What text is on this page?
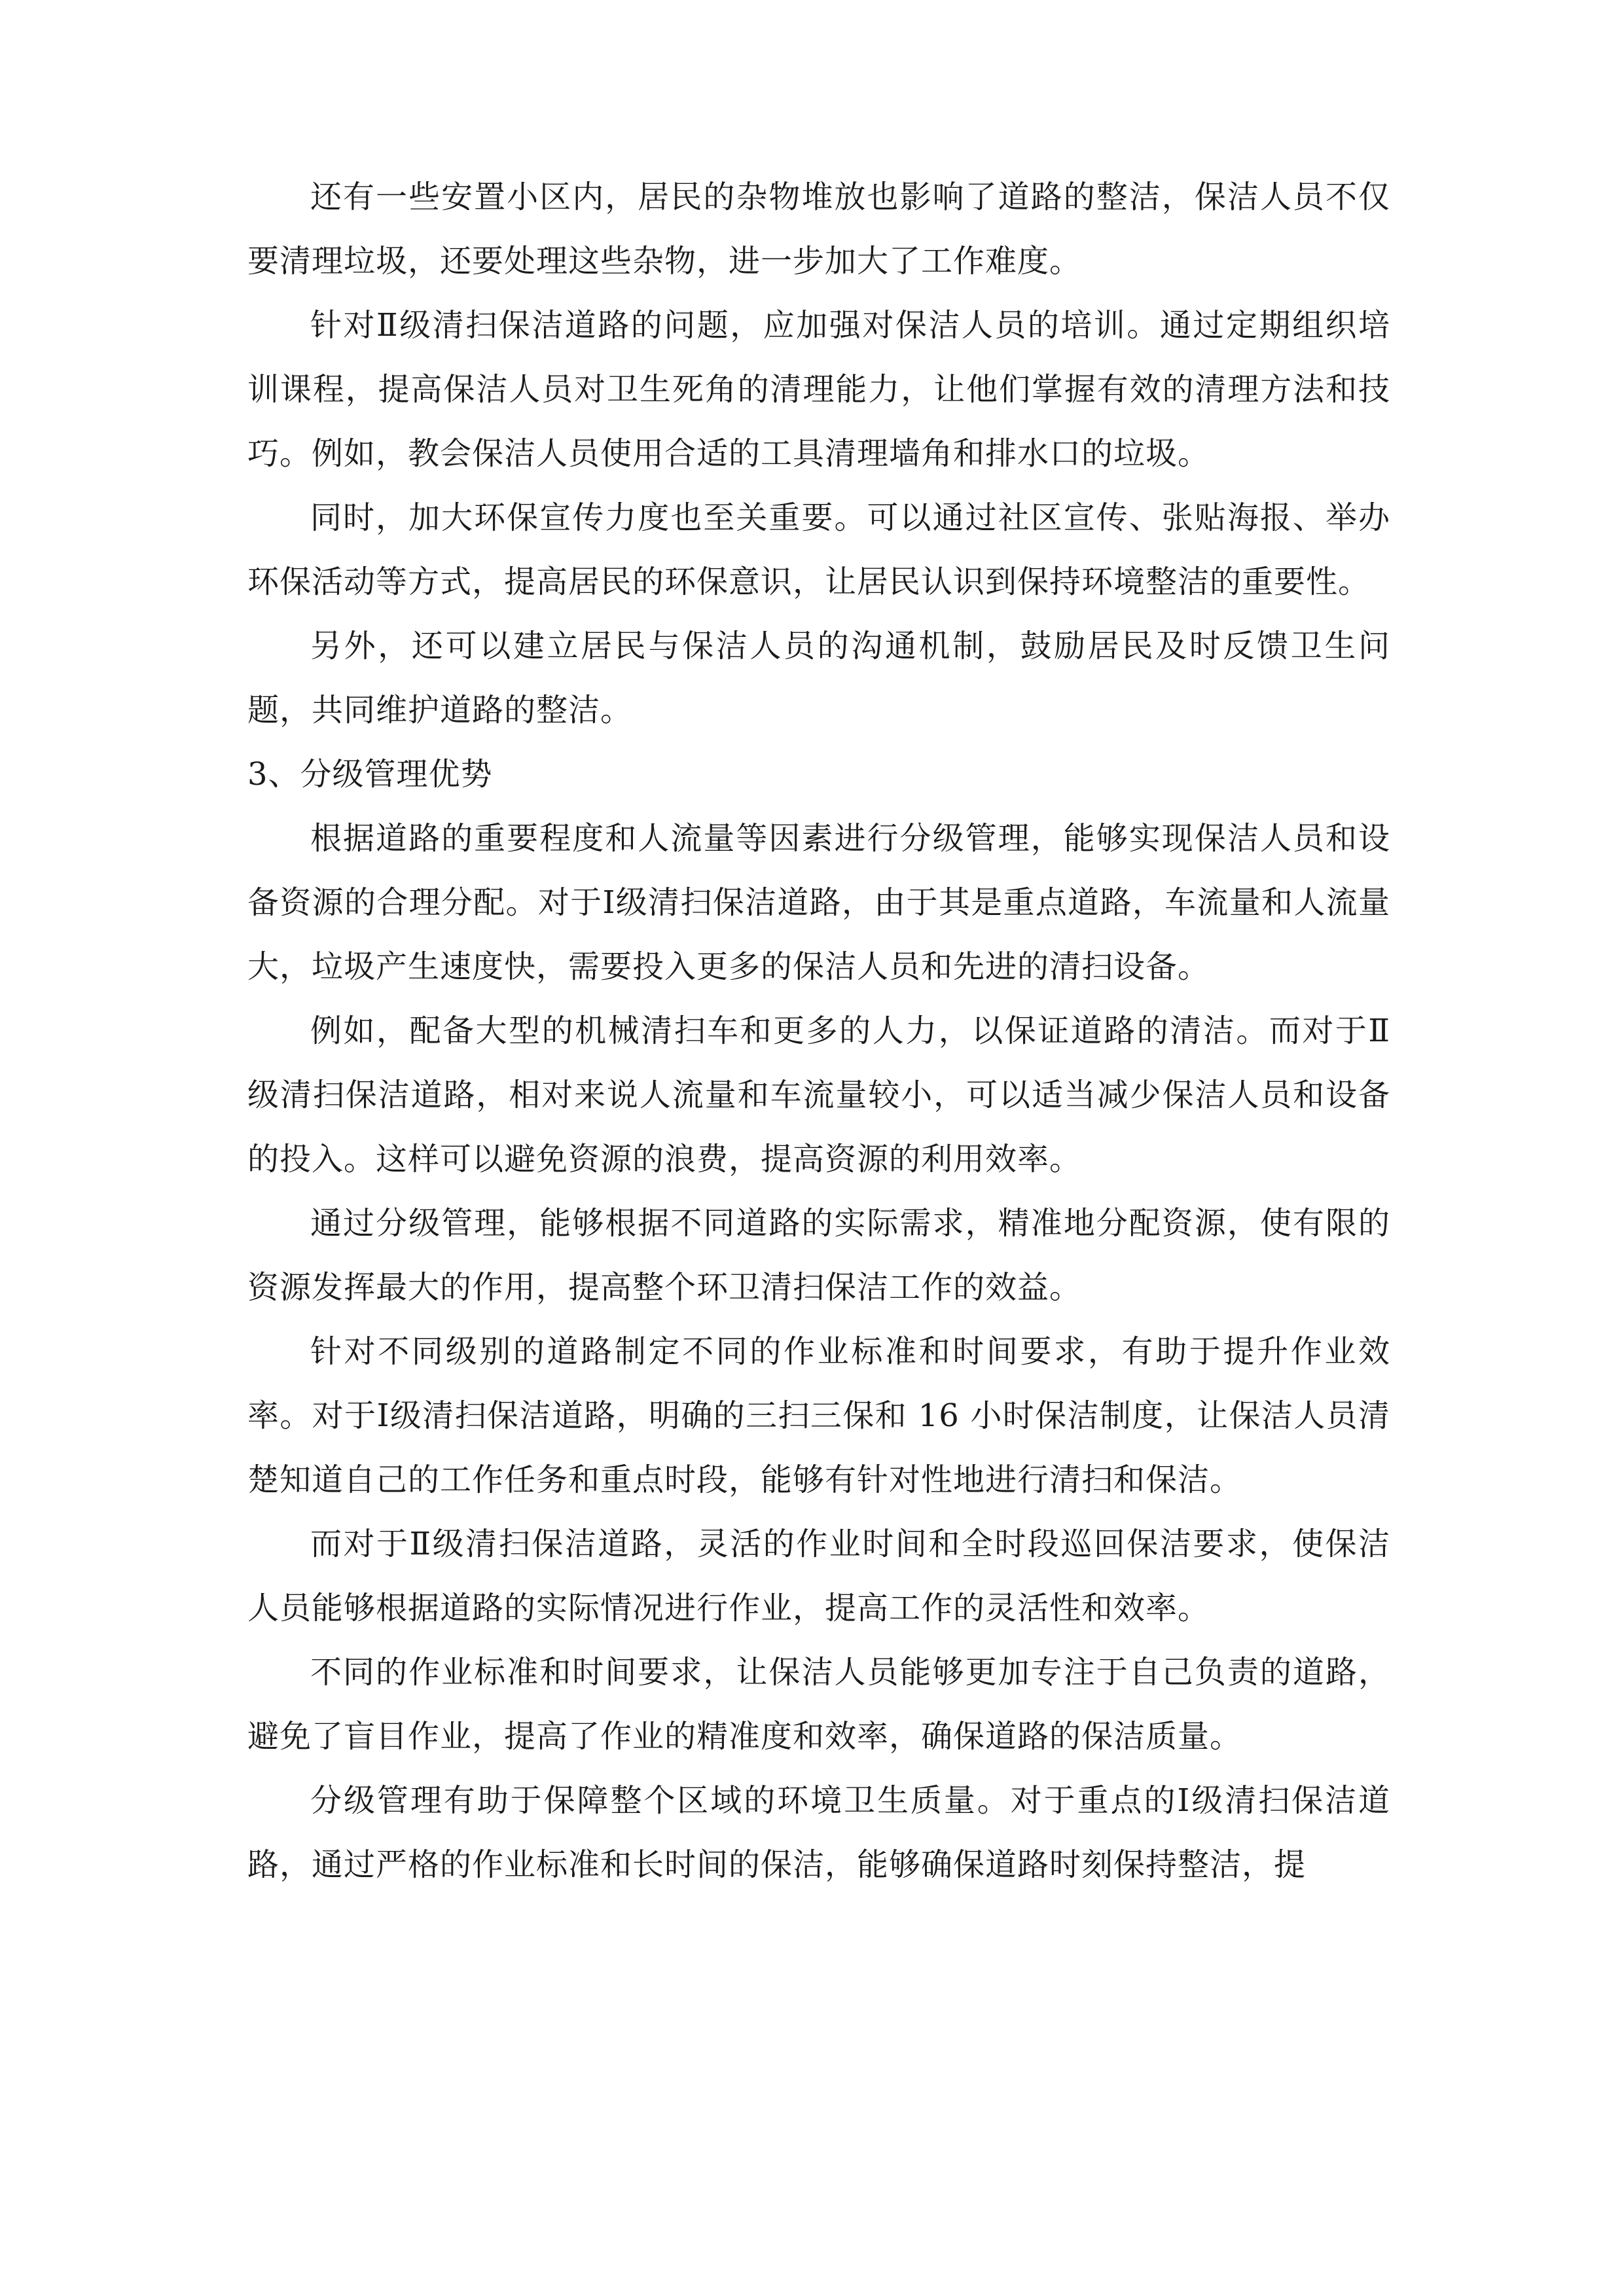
还有一些安置小区内，居民的杂物堆放也影响了道路的整洁，保洁人员不仅要清理垃圾，还要处理这些杂物，进一步加大了工作难度。

针对Ⅱ级清扫保洁道路的问题，应加强对保洁人员的培训。通过定期组织培训课程，提高保洁人员对卫生死角的清理能力，让他们掌握有效的清理方法和技巧。例如，教会保洁人员使用合适的工具清理墙角和排水口的垃圾。

同时，加大环保宣传力度也至关重要。可以通过社区宣传、张贴海报、举办环保活动等方式，提高居民的环保意识，让居民认识到保持环境整洁的重要性。

另外，还可以建立居民与保洁人员的沟通机制，鼓励居民及时反馈卫生问题，共同维护道路的整洁。

3、分级管理优势

根据道路的重要程度和人流量等因素进行分级管理，能够实现保洁人员和设备资源的合理分配。对于Ⅰ级清扫保洁道路，由于其是重点道路，车流量和人流量大，垃圾产生速度快，需要投入更多的保洁人员和先进的清扫设备。

例如，配备大型的机械清扫车和更多的人力，以保证道路的清洁。而对于Ⅱ级清扫保洁道路，相对来说人流量和车流量较小，可以适当减少保洁人员和设备的投入。这样可以避免资源的浪费，提高资源的利用效率。

通过分级管理，能够根据不同道路的实际需求，精准地分配资源，使有限的资源发挥最大的作用，提高整个环卫清扫保洁工作的效益。

针对不同级别的道路制定不同的作业标准和时间要求，有助于提升作业效率。对于Ⅰ级清扫保洁道路，明确的三扫三保和 16 小时保洁制度，让保洁人员清楚知道自己的工作任务和重点时段，能够有针对性地进行清扫和保洁。

而对于Ⅱ级清扫保洁道路，灵活的作业时间和全时段巡回保洁要求，使保洁人员能够根据道路的实际情况进行作业，提高工作的灵活性和效率。

不同的作业标准和时间要求，让保洁人员能够更加专注于自己负责的道路，避免了盲目作业，提高了作业的精准度和效率，确保道路的保洁质量。

分级管理有助于保障整个区域的环境卫生质量。对于重点的Ⅰ级清扫保洁道路，通过严格的作业标准和长时间的保洁，能够确保道路时刻保持整洁，提
